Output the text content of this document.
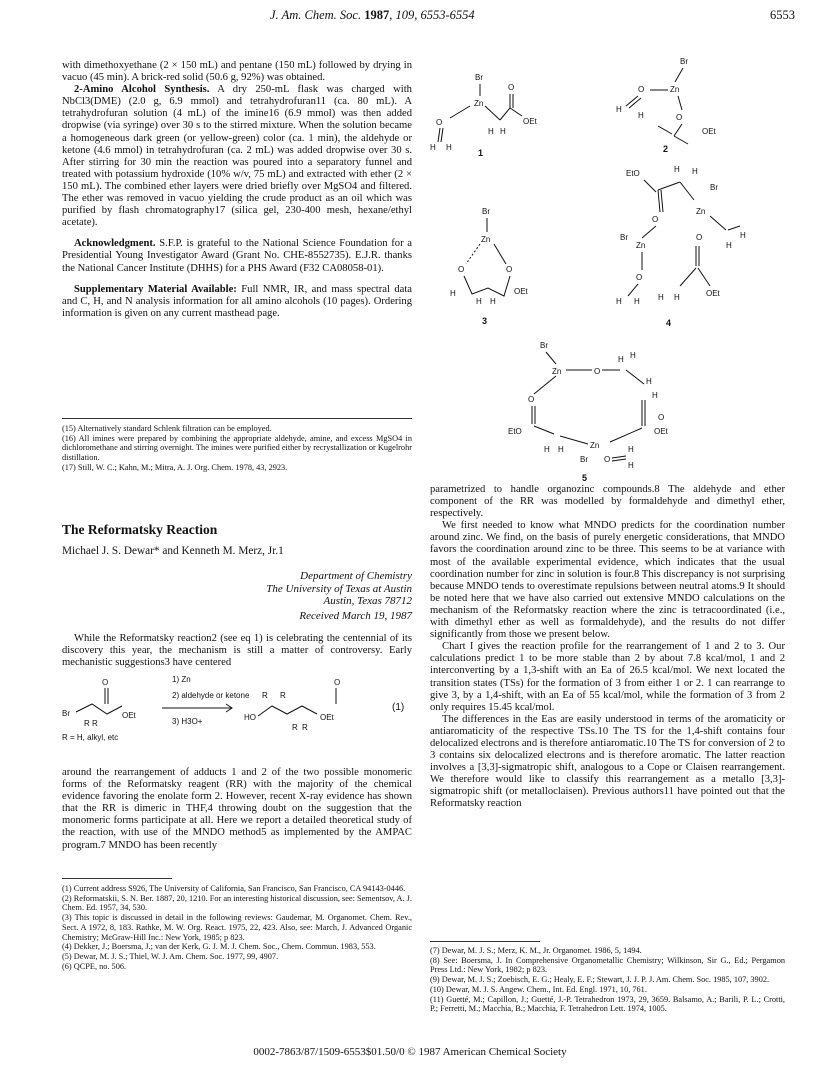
J. Am. Chem. Soc. 1987, 109, 6553-6554	6553

with dimethoxyethane (2 × 150 mL) and pentane (150 mL) followed by drying in vacuo (45 min). A brick-red solid (50.6 g, 92%) was obtained.

2-Amino Alcohol Synthesis. A dry 250-mL flask was charged with NbCl3(DME) (2.0 g, 6.9 mmol) and tetrahydrofuran11 (ca. 80 mL). A tetrahydrofuran solution (4 mL) of the imine16 (6.9 mmol) was then added dropwise (via syringe) over 30 s to the stirred mixture. When the solution became a homogeneous dark green (or yellow-green) color (ca. 1 min), the aldehyde or ketone (4.6 mmol) in tetrahydrofuran (ca. 2 mL) was added dropwise over 30 s. After stirring for 30 min the reaction was poured into a separatory funnel and treated with potassium hydroxide (10% w/v, 75 mL) and extracted with ether (2 × 150 mL). The combined ether layers were dried briefly over MgSO4 and filtered. The ether was removed in vacuo yielding the crude product as an oil which was purified by flash chromatography17 (silica gel, 230-400 mesh, hexane/ethyl acetate).

Acknowledgment. S.F.P. is grateful to the National Science Foundation for a Presidential Young Investigator Award (Grant No. CHE-8552735). E.J.R. thanks the National Cancer Institute (DHHS) for a PHS Award (F32 CA08058-01).

Supplementary Material Available: Full NMR, IR, and mass spectral data and C, H, and N analysis information for all amino alcohols (10 pages). Ordering information is given on any current masthead page.

(15) Alternatively standard Schlenk filtration can be employed.

(16) All imines were prepared by combining the appropriate aldehyde, amine, and excess MgSO4 in dichloromethane and stirring overnight. The imines were purified either by recrystallization or Kugelrohr distillation.

(17) Still, W. C.; Kahn, M.; Mitra, A. J. Org. Chem. 1978, 43, 2923.

The Reformatsky Reaction
Michael J. S. Dewar* and Kenneth M. Merz, Jr.1
Department of Chemistry
The University of Texas at Austin
Austin, Texas 78712
Received March 19, 1987

While the Reformatsky reaction2 (see eq 1) is celebrating the centennial of its discovery this year, the mechanism is still a matter of controversy. Early mechanistic suggestions3 have centered

O
Br	OEt
R R
R = H, alkyl, etc
1) Zn
2) aldehyde or ketone
3) H3O+
R R
HO
O
OEt
R R
(1)

around the rearrangement of adducts 1 and 2 of the two possible monomeric forms of the Reformatsky reagent (RR) with the majority of the chemical evidence favoring the enolate form 2. However, recent X-ray evidence has shown that the RR is dimeric in THF,4 throwing doubt on the suggestion that the monomeric forms participate at all. Here we report a detailed theoretical study of the reaction, with use of the MNDO method5 as implemented by the AMPAC program.7 MNDO has been recently

(1) Current address S926, The University of California, San Francisco, San Francisco, CA 94143-0446.

(2) Reformatskii, S. N. Ber. 1887, 20, 1210. For an interesting historical discussion, see: Sementsov, A. J. Chem. Ed. 1957, 34, 530.

(3) This topic is discussed in detail in the following reviews: Gaudemar, M. Organomet. Chem. Rev., Sect. A 1972, 8, 183. Rathke, M. W. Org. React. 1975, 22, 423. Also, see: March, J. Advanced Organic Chemistry; McGraw-Hill Inc.: New York, 1985; p 823.

(4) Dekker, J.; Boersma, J.; van der Kerk, G. J. M. J. Chem. Soc., Chem. Commun. 1983, 553.

(5) Dewar, M. J. S.; Thiel, W. J. Am. Chem. Soc. 1977, 99, 4907.

(6) QCPE, no. 506.

Br
Zn
O
H H
O
OEt
H H
1
Br
Zn
O
H
H	O
OEt
2
Br
Zn
O	O
OEt
H
H H
3
EtO	H H
Br
Zn
H
H
O
Br
Zn
O
H H
O
H H	OEt
4
Br
Zn	O
H H
H
H
O
EtO
O
OEt
Zn
H H
Br O
H
H
5

parametrized to handle organozinc compounds.8 The aldehyde and ether component of the RR was modelled by formaldehyde and dimethyl ether, respectively.

We first needed to know what MNDO predicts for the coordination number around zinc. We find, on the basis of purely energetic considerations, that MNDO favors the coordination around zinc to be three. This seems to be at variance with most of the available experimental evidence, which indicates that the usual coordination number for zinc in solution is four.8 This discrepancy is not surprising because MNDO tends to overestimate repulsions between neutral atoms.9 It should be noted here that we have also carried out extensive MNDO calculations on the mechanism of the Reformatsky reaction where the zinc is tetracoordinated (i.e., with dimethyl ether as well as formaldehyde), and the results do not differ significantly from those we present below.

Chart I gives the reaction profile for the rearrangement of 1 and 2 to 3. Our calculations predict 1 to be more stable than 2 by about 7.8 kcal/mol, 1 and 2 interconverting by a 1,3-shift with an Ea of 26.5 kcal/mol. We next located the transition states (TSs) for the formation of 3 from either 1 or 2. 1 can rearrange to give 3, by a 1,4-shift, with an Ea of 55 kcal/mol, while the formation of 3 from 2 only requires 15.45 kcal/mol.

The differences in the Eas are easily understood in terms of the aromaticity or antiaromaticity of the respective TSs.10 The TS for the 1,4-shift contains four delocalized electrons and is therefore antiaromatic.10 The TS for conversion of 2 to 3 contains six delocalized electrons and is therefore aromatic. The latter reaction involves a [3,3]-sigmatropic shift, analogous to a Cope or Claisen rearrangement. We therefore would like to classify this rearrangement as a metallo [3,3]-sigmatropic shift (or metalloclaisen). Previous authors11 have pointed out that the Reformatsky reaction

(7) Dewar, M. J. S.; Merz, K. M., Jr. Organomet. 1986, 5, 1494.

(8) See: Boersma, J. In Comprehensive Organometallic Chemistry; Wilkinson, Sir G., Ed.; Pergamon Press Ltd.: New York, 1982; p 823.

(9) Dewar, M. J. S.; Zoebisch, E. G.; Healy, E. F.; Stewart, J. J. P. J. Am. Chem. Soc. 1985, 107, 3902.

(10) Dewar, M. J. S. Angew. Chem., Int. Ed. Engl. 1971, 10, 761.

(11) Guetté, M.; Capillon, J.; Guetté, J.-P. Tetrahedron 1973, 29, 3659. Balsamo, A.; Barili, P. L.; Crotti, P.; Ferretti, M.; Macchia, B.; Macchia, F. Tetrahedron Lett. 1974, 1005.

0002-7863/87/1509-6553$01.50/0 © 1987 American Chemical Society
